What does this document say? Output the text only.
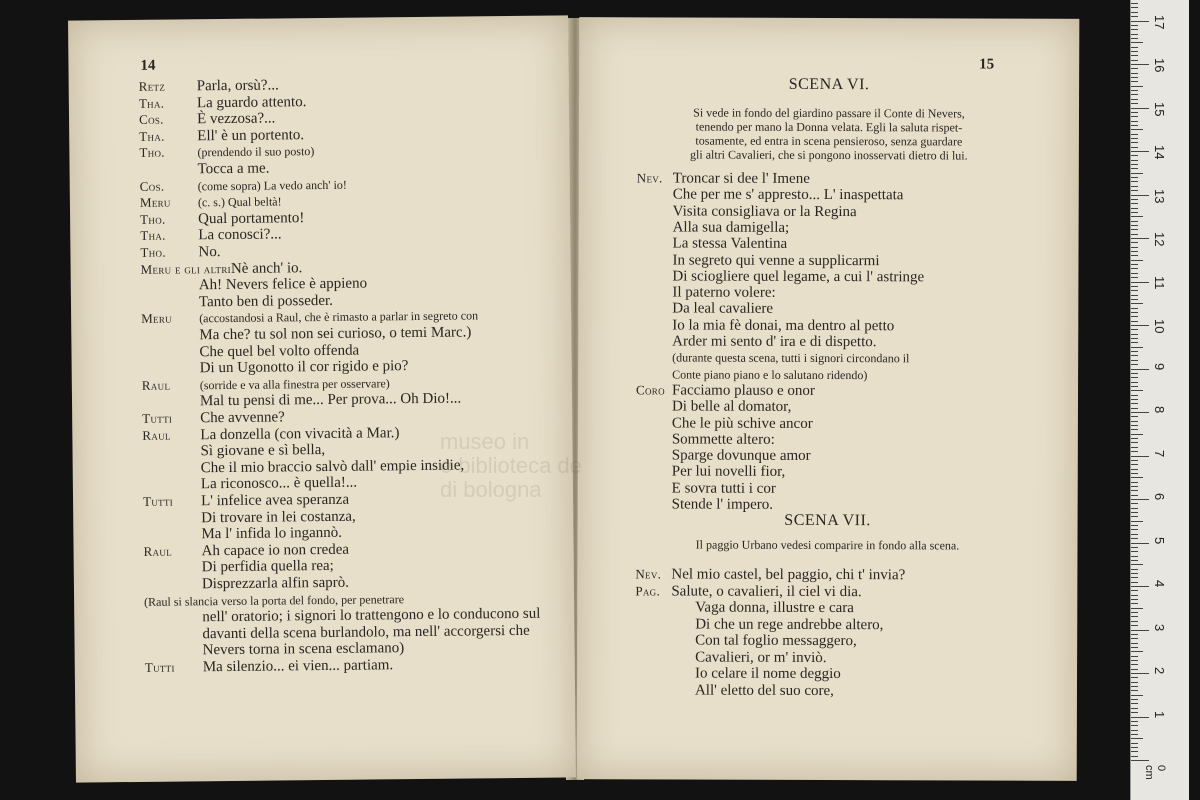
14
Retz Parla, orsù?...
Tha. La guardo attento.
Cos. È vezzosa?...
Tha. Ell' è un portento.
Tho.	(prendendo il suo posto)
Tocca a me.
Cos.	(come sopra) La vedo anch' io!
Meru (c. s.) Qual beltà!
Tho. Qual portamento!
Tha. La conosci?...
Tho. No.
Meru e gli altriNè anch' io.
Ah! Nevers felice è appieno
Tanto ben di posseder.
Meru (accostandosi a Raul, che è rimasto a parlar in segreto con
Ma che? tu sol non sei curioso, o temi Marc.)
Che quel bel volto offenda
Di un Ugonotto il cor rigido e pio?
Raul (sorride e va alla finestra per osservare)
Mal tu pensi di me... Per prova... Oh Dio!...
Tutti Che avvenne?
Raul La donzella (con vivacità a Mar.)
Sì giovane e sì bella,
Che il mio braccio salvò dall' empie insidie,
La riconosco... è quella!...
Tutti L' infelice avea speranza
Di trovare in lei costanza,
Ma l' infida lo ingannò.
Raul Ah capace io non credea
Di perfidia quella rea;
Disprezzarla alfin saprò.
(Raul si slancia verso la porta del fondo, per penetrare
nell' oratorio; i signori lo trattengono e lo conducono sul
davanti della scena burlandolo, ma nell' accorgersi che
Nevers torna in scena esclamano)
Tutti Ma silenzio... ei vien... partiam.
15
SCENA VI.
Si vede in fondo del giardino passare il Conte di Nevers,
tenendo per mano la Donna velata. Egli la saluta rispet-
tosamente, ed entra in scena pensieroso, senza guardare
gli altri Cavalieri, che si pongono inosservati dietro di lui.
Nev. Troncar si dee l' Imene
Che per me s' appresto... L' inaspettata
Visita consigliava or la Regina
Alla sua damigella;
La stessa Valentina
In segreto qui venne a supplicarmi
Di sciogliere quel legame, a cui l' astringe
Il paterno volere:
Da leal cavaliere
Io la mia fè donai, ma dentro al petto
Arder mi sento d' ira e di dispetto.
(durante questa scena, tutti i signori circondano il
Conte piano piano e lo salutano ridendo)
Coro Facciamo plauso e onor
Di belle al domator,
Che le più schive ancor
Sommette altero:
Sparge dovunque amor
Per lui novelli fior,
E sovra tutti i cor
Stende l' impero.
SCENA VII.
Il paggio Urbano vedesi comparire in fondo alla scena.
Nev. Nel mio castel, bel paggio, chi t' invia?
Pag. Salute, o cavalieri, il ciel vi dia.
Vaga donna, illustre e cara
Di che un rege andrebbe altero,
Con tal foglio messaggero,
Cavalieri, or m' inviò.
Io celare il nome deggio
All' eletto del suo core,
museo in
e biblioteca de
di bologna
17
16
15
14
13
12
11
10
9
8
7
6
5
4
3
2
1
0 cm
